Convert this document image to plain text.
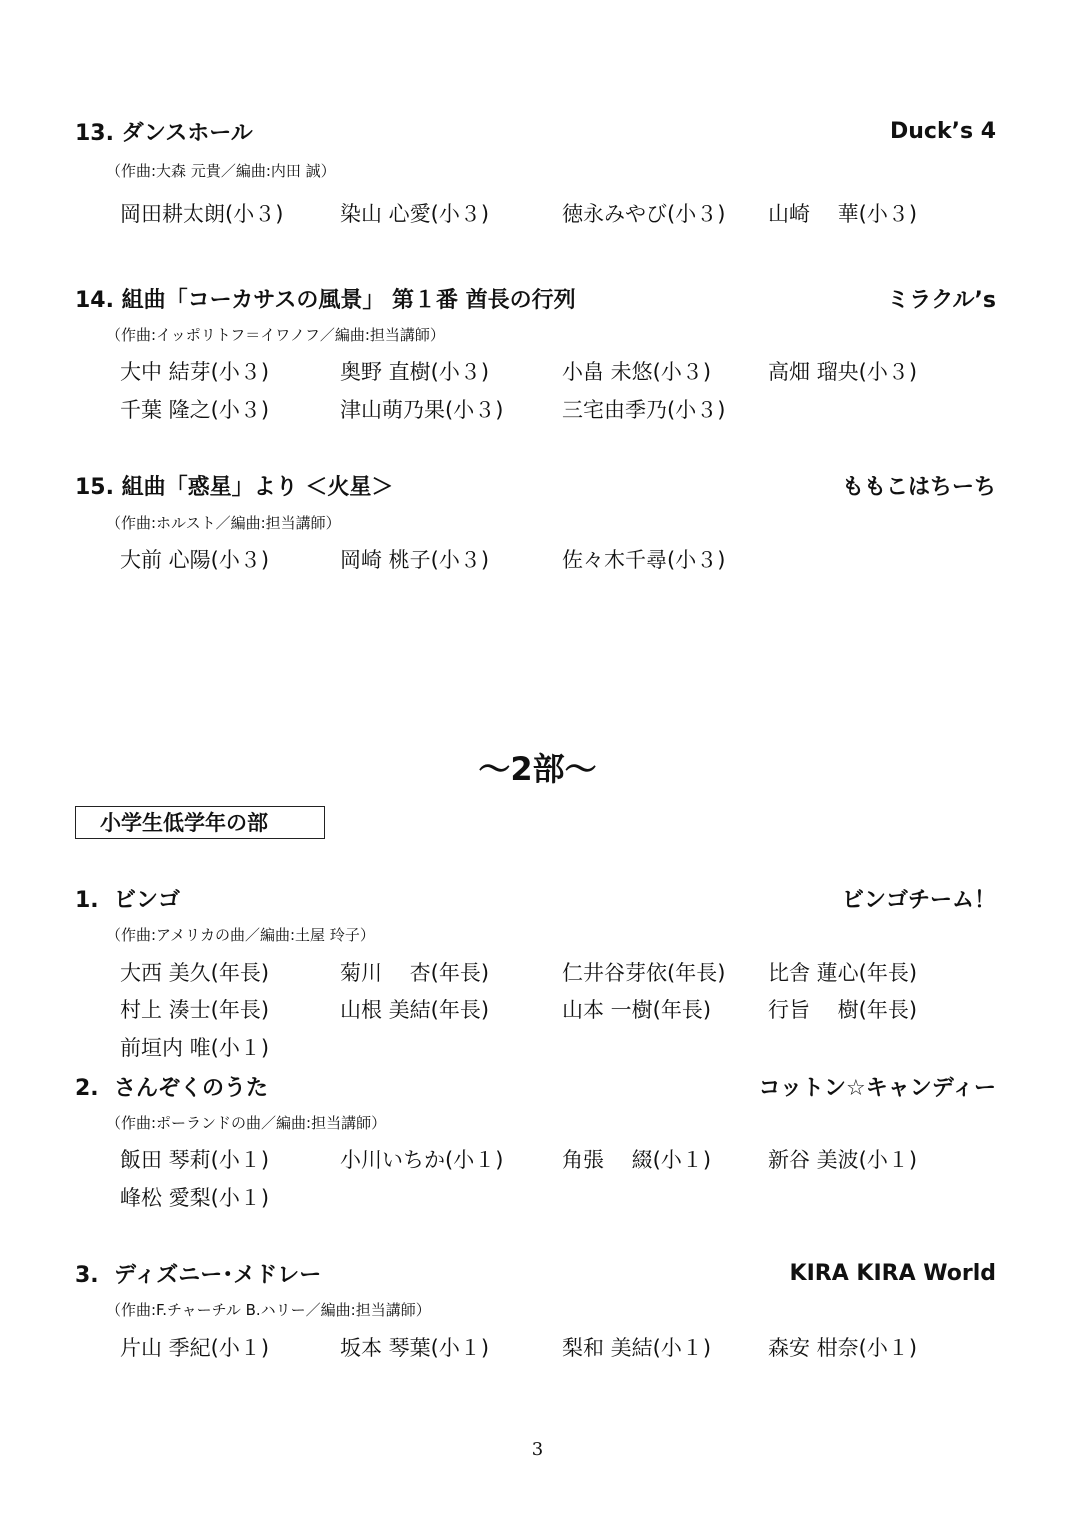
13. ダンスホール	Duck’s 4
（作曲:大森 元貴／編曲:内田 誠）
岡田耕太朗(小３)	染山 心愛(小３)	徳永みやび(小３) 山崎　 華(小３)
14. 組曲「コーカサスの風景」 第１番 酋長の行列	ミラクル’s
（作曲:イッポリトフ＝イワノフ／編曲:担当講師）
大中 結芽(小３)	奥野 直樹(小３)	小畠 未悠(小３)	高畑 瑠央(小３)
千葉 隆之(小３)	津山萌乃果(小３)	三宅由季乃(小３)
15. 組曲「惑星」より ＜火星＞	ももこはちーち
（作曲:ホルスト／編曲:担当講師）
大前 心陽(小３)	岡崎 桃子(小３)	佐々木千尋(小３)
～2部～
小学生低学年の部
1. ビンゴ	ビンゴチーム！
（作曲:アメリカの曲／編曲:土屋 玲子）
大西 美久(年長)	菊川　 杏(年長)	仁井谷芽依(年長) 比舎 蓮心(年長)
村上 湊士(年長)	山根 美結(年長)	山本 一樹(年長)	行旨　 樹(年長)
前垣内 唯(小１)
2. さんぞくのうた	コットン☆キャンディー
（作曲:ポーランドの曲／編曲:担当講師）
飯田 琴莉(小１)	小川いちか(小１)	角張　 綴(小１)	新谷 美波(小１)
峰松 愛梨(小１)
3. ディズニー･メドレー	KIRA KIRA World
（作曲:F.チャーチル B.ハリー／編曲:担当講師）
片山 季紀(小１)	坂本 琴葉(小１)	梨和 美結(小１)	森安 柑奈(小１)
3
